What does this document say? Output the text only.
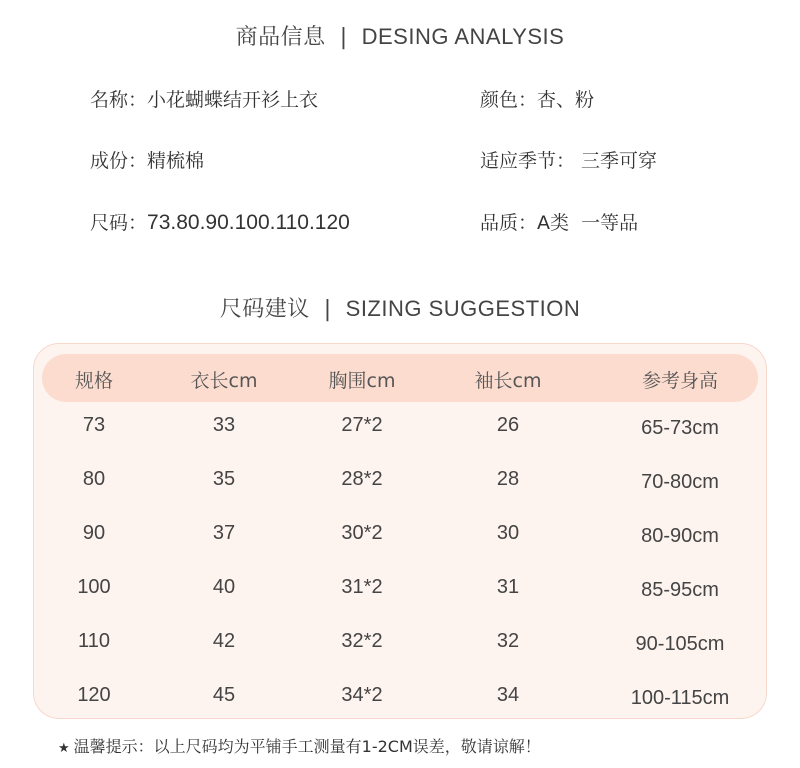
商品信息 | DESING ANALYSIS
名称：小花蝴蝶结开衫上衣	颜色：杏、粉
成份：精梳棉	适应季节： 三季可穿
尺码：73.80.90.100.110.120	品质：A类  一等品
尺码建议 | SIZING SUGGESTION
规格	衣长cm	胸围cm	袖长cm	参考身高
73	33	27*2	26	65-73cm
80	35	28*2	28	70-80cm
90	37	30*2	30	80-90cm
100	40	31*2	31	85-95cm
110	42	32*2	32	90-105cm
120	45	34*2	34	100-115cm
★ 温馨提示：以上尺码均为平铺手工测量有1-2CM误差，敬请谅解！
